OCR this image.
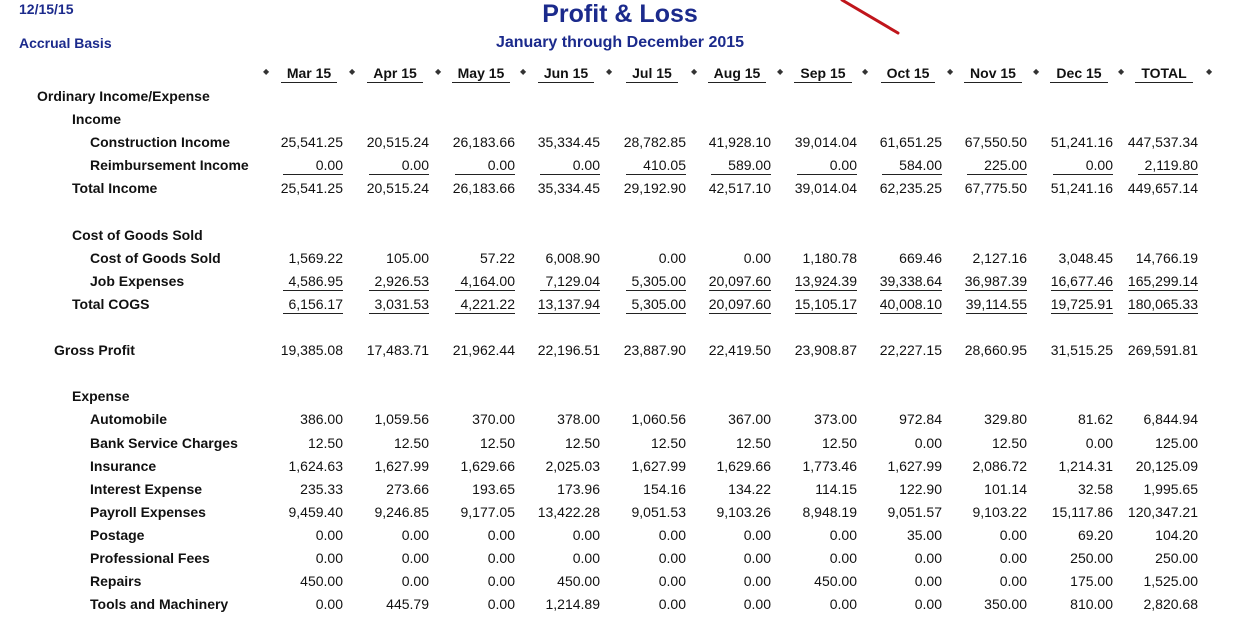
12/15/15
Accrual Basis
Profit & Loss
January through December 2015
◆	Mar 15	◆	Apr 15	◆	May 15	◆	Jun 15	◆	Jul 15	◆	Aug 15	◆	Sep 15	◆	Oct 15	◆	Nov 15	◆	Dec 15	◆	TOTAL	◆
Ordinary Income/Expense
Income
Construction Income	25,541.25	20,515.24	26,183.66	35,334.45	28,782.85	41,928.10	39,014.04	61,651.25	67,550.50	51,241.16 447,537.34
Reimbursement Income	0.00	0.00	0.00	0.00	410.05	589.00	0.00	584.00	225.00	0.00	2,119.80
Total Income	25,541.25	20,515.24	26,183.66	35,334.45	29,192.90	42,517.10	39,014.04	62,235.25	67,775.50	51,241.16 449,657.14
Cost of Goods Sold
Cost of Goods Sold	1,569.22	105.00	57.22	6,008.90	0.00	0.00	1,180.78	669.46	2,127.16	3,048.45	14,766.19
Job Expenses	4,586.95	2,926.53	4,164.00	7,129.04	5,305.00	20,097.60	13,924.39	39,338.64	36,987.39	16,677.46 165,299.14
Total COGS	6,156.17	3,031.53	4,221.22	13,137.94	5,305.00	20,097.60	15,105.17	40,008.10	39,114.55	19,725.91 180,065.33
Gross Profit	19,385.08	17,483.71	21,962.44	22,196.51	23,887.90	22,419.50	23,908.87	22,227.15	28,660.95	31,515.25 269,591.81
Expense
Automobile	386.00	1,059.56	370.00	378.00	1,060.56	367.00	373.00	972.84	329.80	81.62	6,844.94
Bank Service Charges	12.50	12.50	12.50	12.50	12.50	12.50	12.50	0.00	12.50	0.00	125.00
Insurance	1,624.63	1,627.99	1,629.66	2,025.03	1,627.99	1,629.66	1,773.46	1,627.99	2,086.72	1,214.31	20,125.09
Interest Expense	235.33	273.66	193.65	173.96	154.16	134.22	114.15	122.90	101.14	32.58	1,995.65
Payroll Expenses	9,459.40	9,246.85	9,177.05	13,422.28	9,051.53	9,103.26	8,948.19	9,051.57	9,103.22	15,117.86 120,347.21
Postage	0.00	0.00	0.00	0.00	0.00	0.00	0.00	35.00	0.00	69.20	104.20
Professional Fees	0.00	0.00	0.00	0.00	0.00	0.00	0.00	0.00	0.00	250.00	250.00
Repairs	450.00	0.00	0.00	450.00	0.00	0.00	450.00	0.00	0.00	175.00	1,525.00
Tools and Machinery	0.00	445.79	0.00	1,214.89	0.00	0.00	0.00	0.00	350.00	810.00	2,820.68
